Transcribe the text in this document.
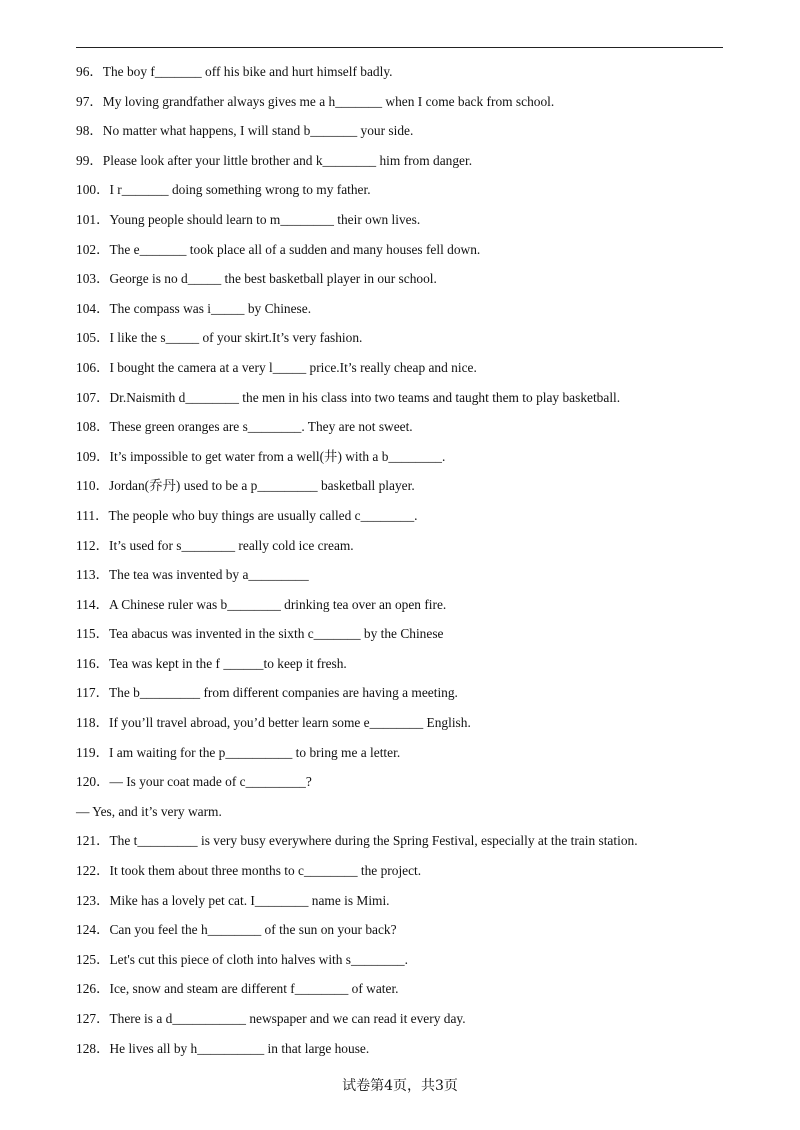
96．The boy f_______ off his bike and hurt himself badly.
97．My loving grandfather always gives me a h_______ when I come back from school.
98．No matter what happens, I will stand b_______ your side.
99．Please look after your little brother and k________ him from danger.
100．I r_______ doing something wrong to my father.
101．Young people should learn to m________ their own lives.
102．The e_______ took place all of a sudden and many houses fell down.
103．George is no d_____ the best basketball player in our school.
104．The compass was i_____ by Chinese.
105．I like the s_____ of your skirt.It’s very fashion.
106．I bought the camera at a very l_____ price.It’s really cheap and nice.
107．Dr.Naismith d________ the men in his class into two teams and taught them to play basketball.
108．These green oranges are s________. They are not sweet.
109．It’s impossible to get water from a well(井) with a b________.
110．Jordan(乔丹) used to be a p_________ basketball player.
111．The people who buy things are usually called c________.
112．It’s used for s________ really cold ice cream.
113．The tea was invented by a_________
114．A Chinese ruler was b________ drinking tea over an open fire.
115．Tea abacus was invented in the sixth c_______ by the Chinese
116．Tea was kept in the f ______to keep it fresh.
117．The b_________ from different companies are having a meeting.
118．If you’ll travel abroad, you’d better learn some e________ English.
119．I am waiting for the p__________ to bring me a letter.
120．— Is your coat made of c_________?
— Yes, and it’s very warm.
121．The t_________ is very busy everywhere during the Spring Festival, especially at the train station.
122．It took them about three months to c________ the project.
123．Mike has a lovely pet cat. I________ name is Mimi.
124．Can you feel the h________ of the sun on your back?
125．Let's cut this piece of cloth into halves with s________.
126．Ice, snow and steam are different f________ of water.
127．There is a d___________ newspaper and we can read it every day.
128．He lives all by h__________ in that large house.
试卷第4页，共3页
